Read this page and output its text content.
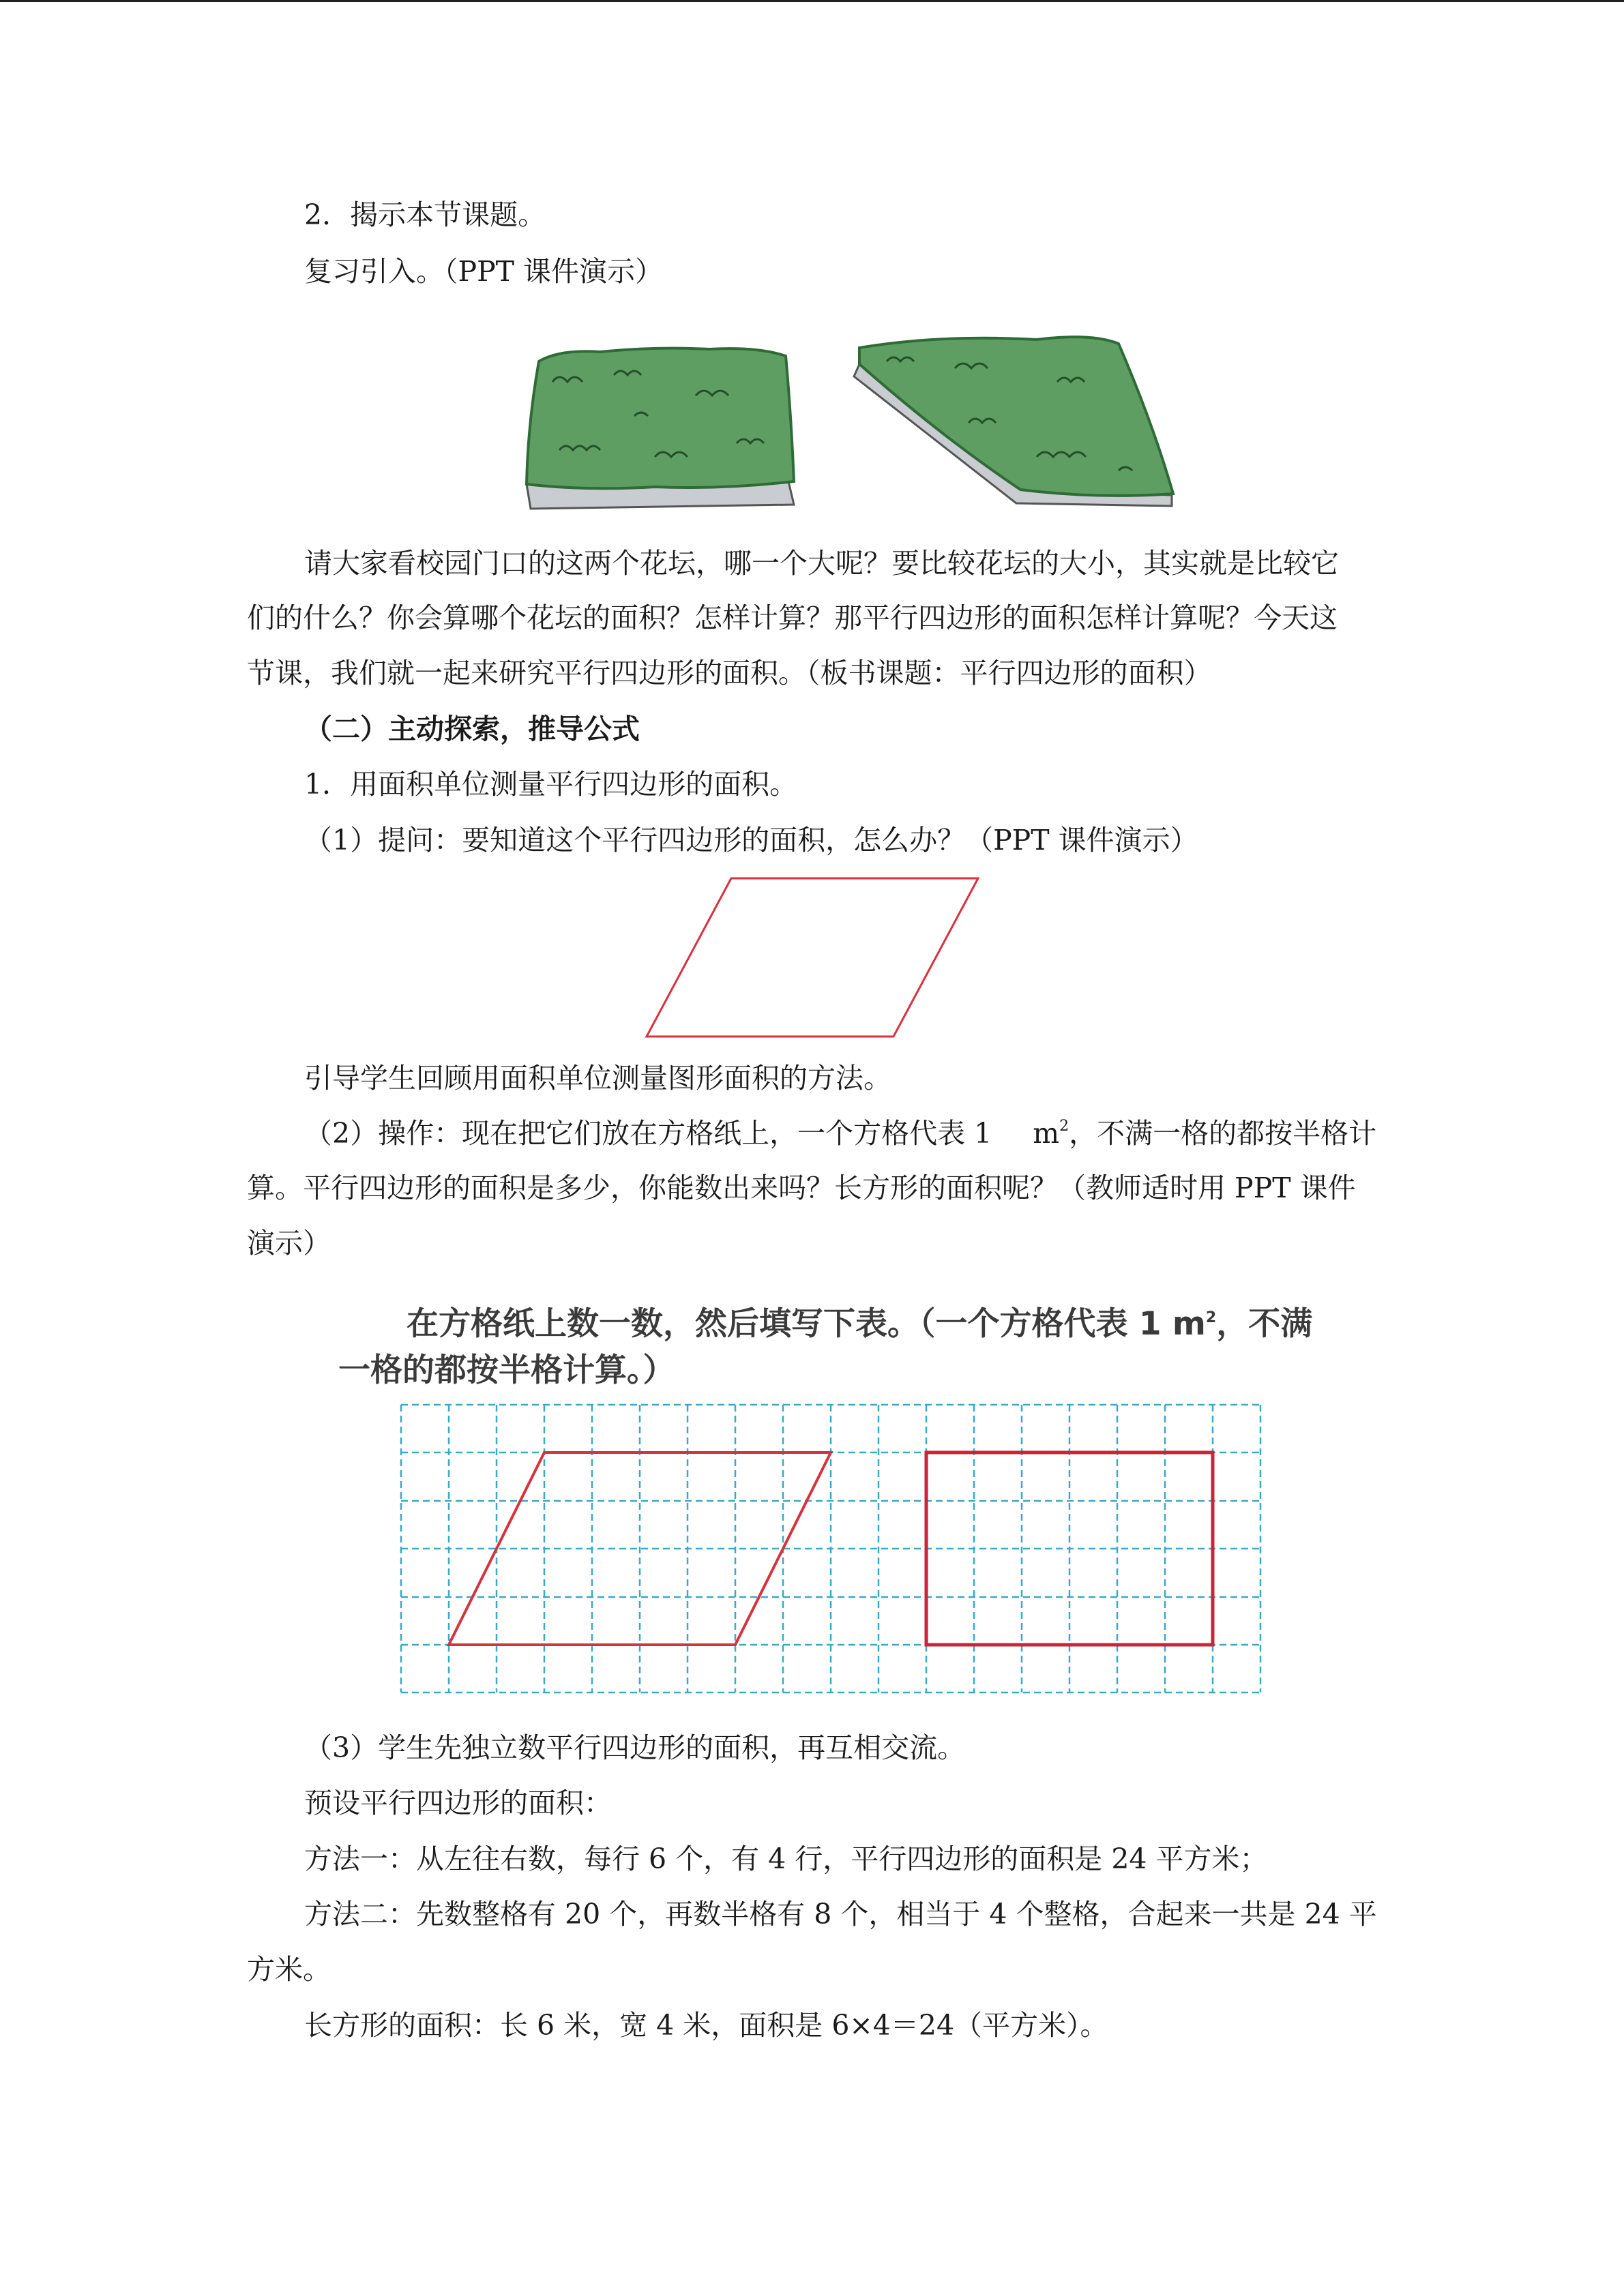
2．揭示本节课题。
复习引入。（PPT 课件演示）
请大家看校园门口的这两个花坛，哪一个大呢？要比较花坛的大小，其实就是比较它
们的什么？你会算哪个花坛的面积？怎样计算？那平行四边形的面积怎样计算呢？今天这
节课，我们就一起来研究平行四边形的面积。（板书课题：平行四边形的面积）
（二）主动探索，推导公式
1．用面积单位测量平行四边形的面积。
（1）提问：要知道这个平行四边形的面积，怎么办？（PPT 课件演示）
引导学生回顾用面积单位测量图形面积的方法。
（2）操作：现在把它们放在方格纸上，一个方格代表 1 $m^2$，不满一格的都按半格计
算。平行四边形的面积是多少，你能数出来吗？长方形的面积呢？（教师适时用 PPT 课件
演示）
在方格纸上数一数，然后填写下表。（一个方格代表 1 $m^2$，不满
一格的都按半格计算。）
（3）学生先独立数平行四边形的面积，再互相交流。
预设平行四边形的面积：
方法一：从左往右数，每行 6 个，有 4 行，平行四边形的面积是 24 平方米；
方法二：先数整格有 20 个，再数半格有 8 个，相当于 4 个整格，合起来一共是 24 平
方米。
长方形的面积：长 6 米，宽 4 米，面积是 6×4＝24（平方米）。
